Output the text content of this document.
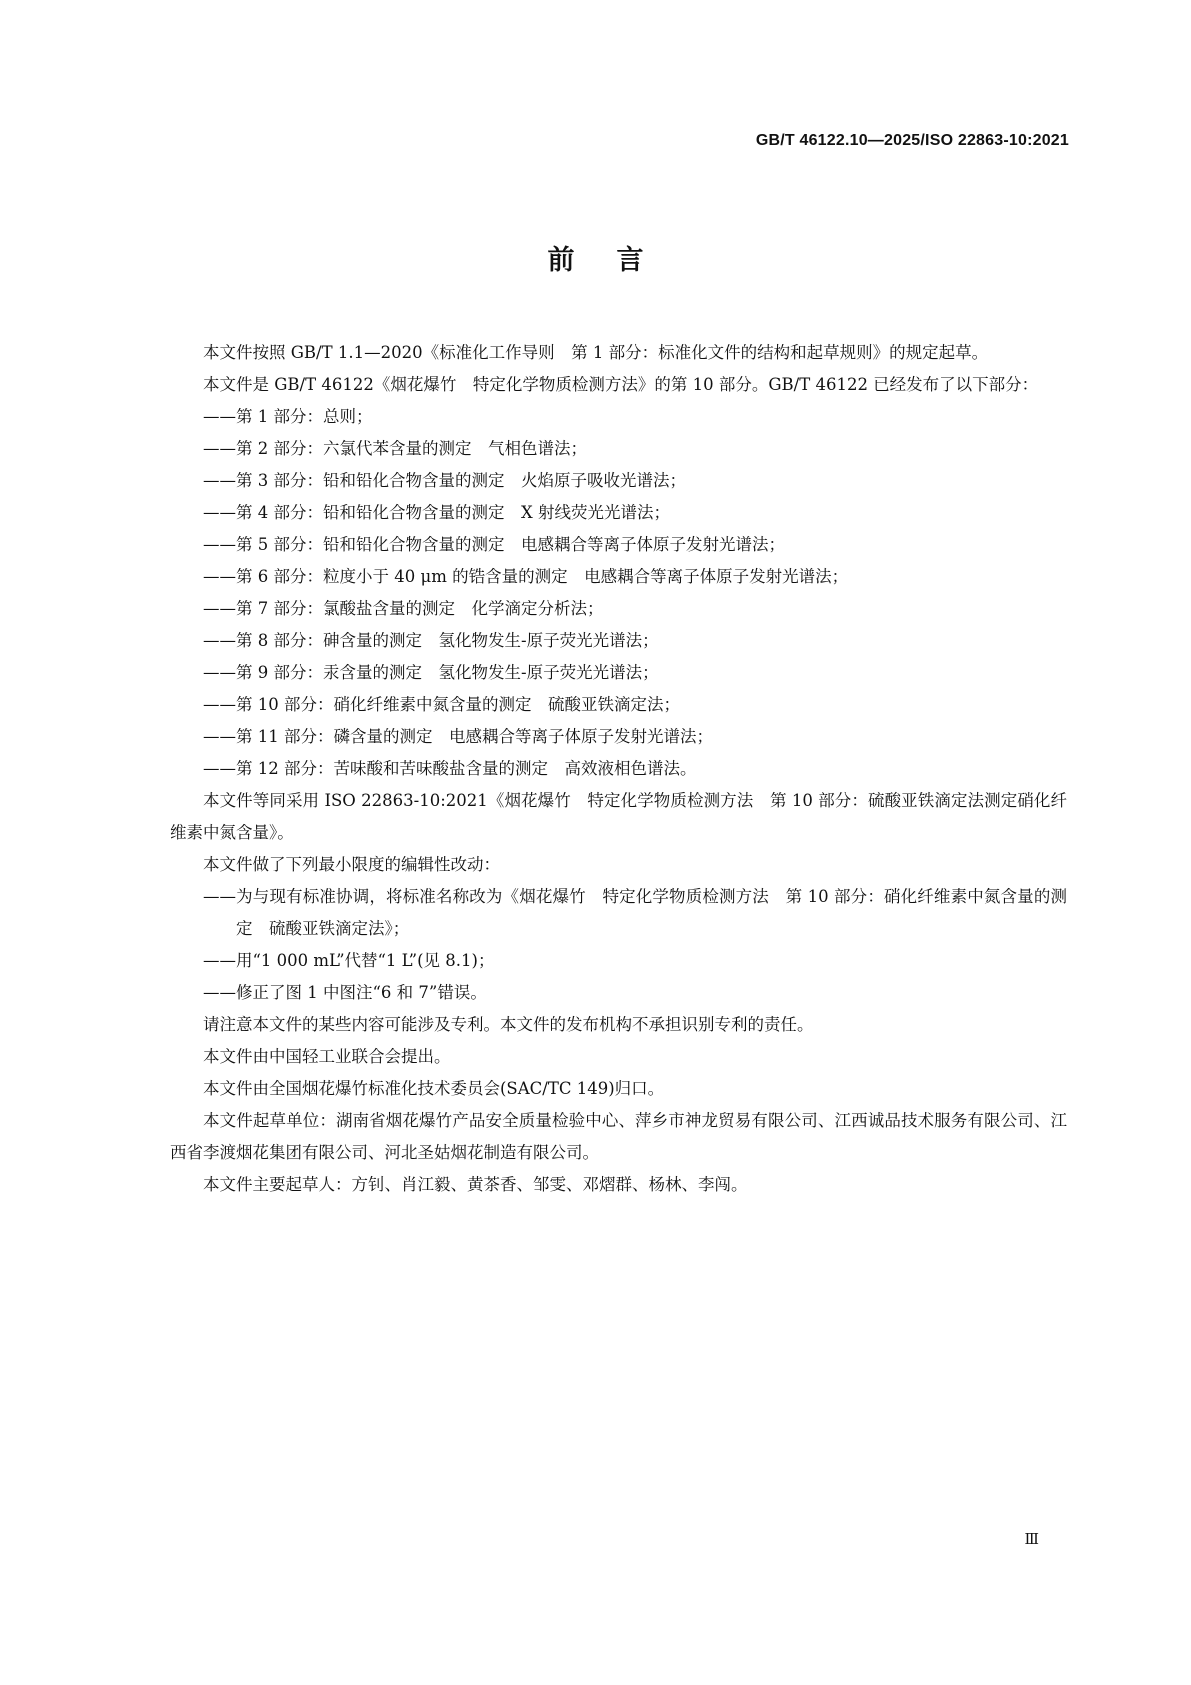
GB/T 46122.10—2025/ISO 22863-10:2021
前言

本文件按照 GB/T 1.1—2020《标准化工作导则　第 1 部分：标准化文件的结构和起草规则》的规定起草。

本文件是 GB/T 46122《烟花爆竹　特定化学物质检测方法》的第 10 部分。GB/T 46122 已经发布了以下部分：

——第 1 部分：总则；

——第 2 部分：六氯代苯含量的测定　气相色谱法；

——第 3 部分：铅和铅化合物含量的测定　火焰原子吸收光谱法；

——第 4 部分：铅和铅化合物含量的测定　X 射线荧光光谱法；

——第 5 部分：铅和铅化合物含量的测定　电感耦合等离子体原子发射光谱法；

——第 6 部分：粒度小于 40 μm 的锆含量的测定　电感耦合等离子体原子发射光谱法；

——第 7 部分：氯酸盐含量的测定　化学滴定分析法；

——第 8 部分：砷含量的测定　氢化物发生-原子荧光光谱法；

——第 9 部分：汞含量的测定　氢化物发生-原子荧光光谱法；

——第 10 部分：硝化纤维素中氮含量的测定　硫酸亚铁滴定法；

——第 11 部分：磷含量的测定　电感耦合等离子体原子发射光谱法；

——第 12 部分：苦味酸和苦味酸盐含量的测定　高效液相色谱法。

本文件等同采用 ISO 22863-10:2021《烟花爆竹　特定化学物质检测方法　第 10 部分：硫酸亚铁滴定法测定硝化纤维素中氮含量》。

本文件做了下列最小限度的编辑性改动：

——为与现有标准协调，将标准名称改为《烟花爆竹　特定化学物质检测方法　第 10 部分：硝化纤维素中氮含量的测定　硫酸亚铁滴定法》；

——用“1 000 mL”代替“1 L”(见 8.1)；

——修正了图 1 中图注“6 和 7”错误。

请注意本文件的某些内容可能涉及专利。本文件的发布机构不承担识别专利的责任。

本文件由中国轻工业联合会提出。

本文件由全国烟花爆竹标准化技术委员会(SAC/TC 149)归口。

本文件起草单位：湖南省烟花爆竹产品安全质量检验中心、萍乡市神龙贸易有限公司、江西诚品技术服务有限公司、江西省李渡烟花集团有限公司、河北圣姑烟花制造有限公司。

本文件主要起草人：方钊、肖江毅、黄茶香、邹雯、邓熠群、杨林、李闯。

Ⅲ
